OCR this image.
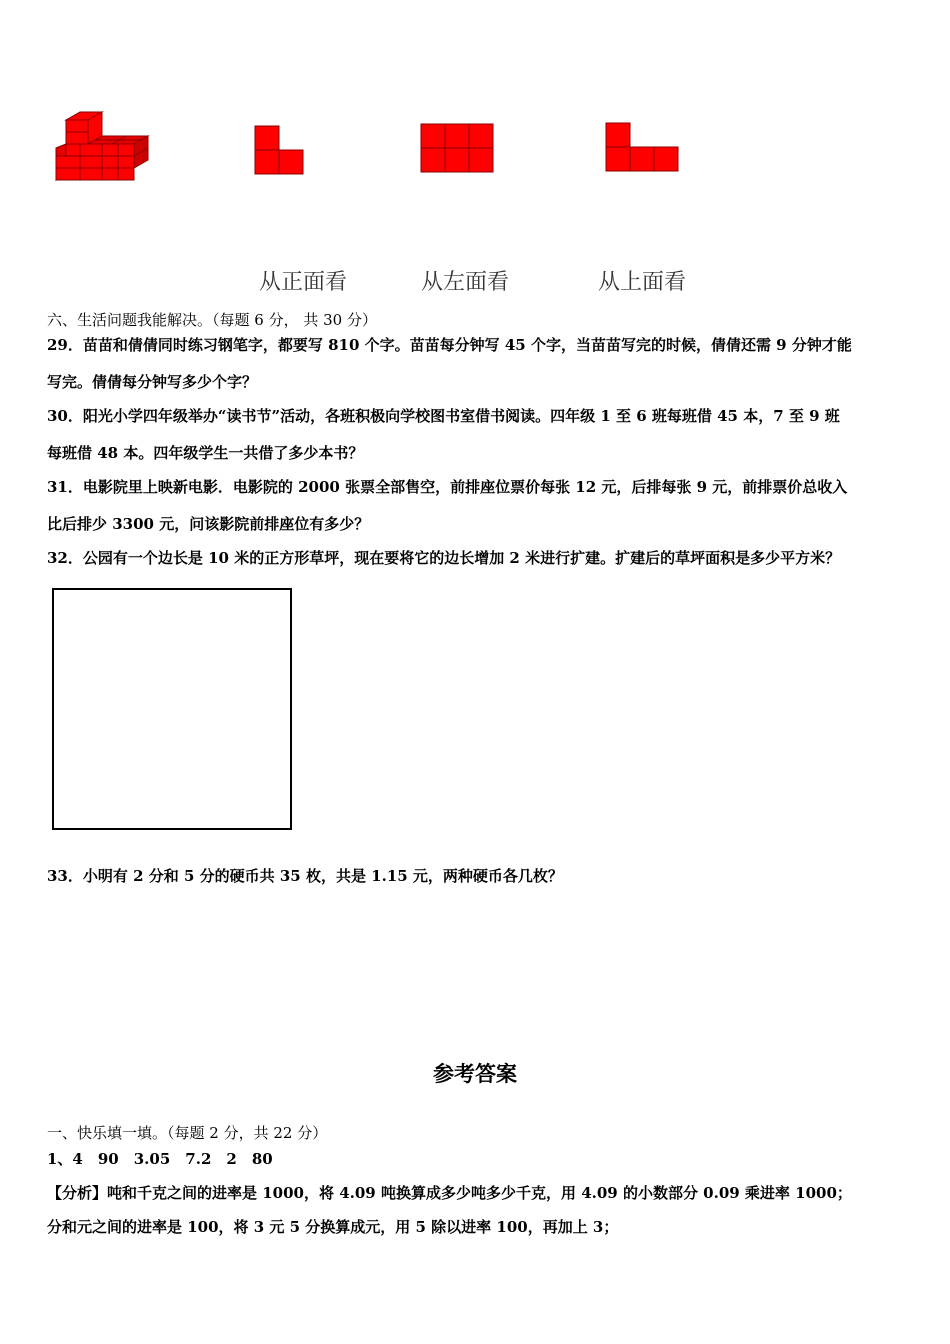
从正面看	从左面看	从上面看
六、生活问题我能解决。（每题 6 分， 共 30 分）
29．苗苗和倩倩同时练习钢笔字，都要写 810 个字。苗苗每分钟写 45 个字，当苗苗写完的时候，倩倩还需 9 分钟才能
写完。倩倩每分钟写多少个字？
30．阳光小学四年级举办“读书节”活动，各班积极向学校图书室借书阅读。四年级 1 至 6 班每班借 45 本，7 至 9 班
每班借 48 本。四年级学生一共借了多少本书？
31．电影院里上映新电影．电影院的 2000 张票全部售空，前排座位票价每张 12 元，后排每张 9 元，前排票价总收入
比后排少 3300 元，问该影院前排座位有多少？
32．公园有一个边长是 10 米的正方形草坪，现在要将它的边长增加 2 米进行扩建。扩建后的草坪面积是多少平方米？
33．小明有 2 分和 5 分的硬币共 35 枚，共是 1.15 元，两种硬币各几枚？
参考答案
一、快乐填一填。（每题 2 分，共 22 分）
1、4　90　3.05　7.2　2　80
【分析】吨和千克之间的进率是 1000，将 4.09 吨换算成多少吨多少千克，用 4.09 的小数部分 0.09 乘进率 1000；
分和元之间的进率是 100，将 3 元 5 分换算成元，用 5 除以进率 100，再加上 3；
